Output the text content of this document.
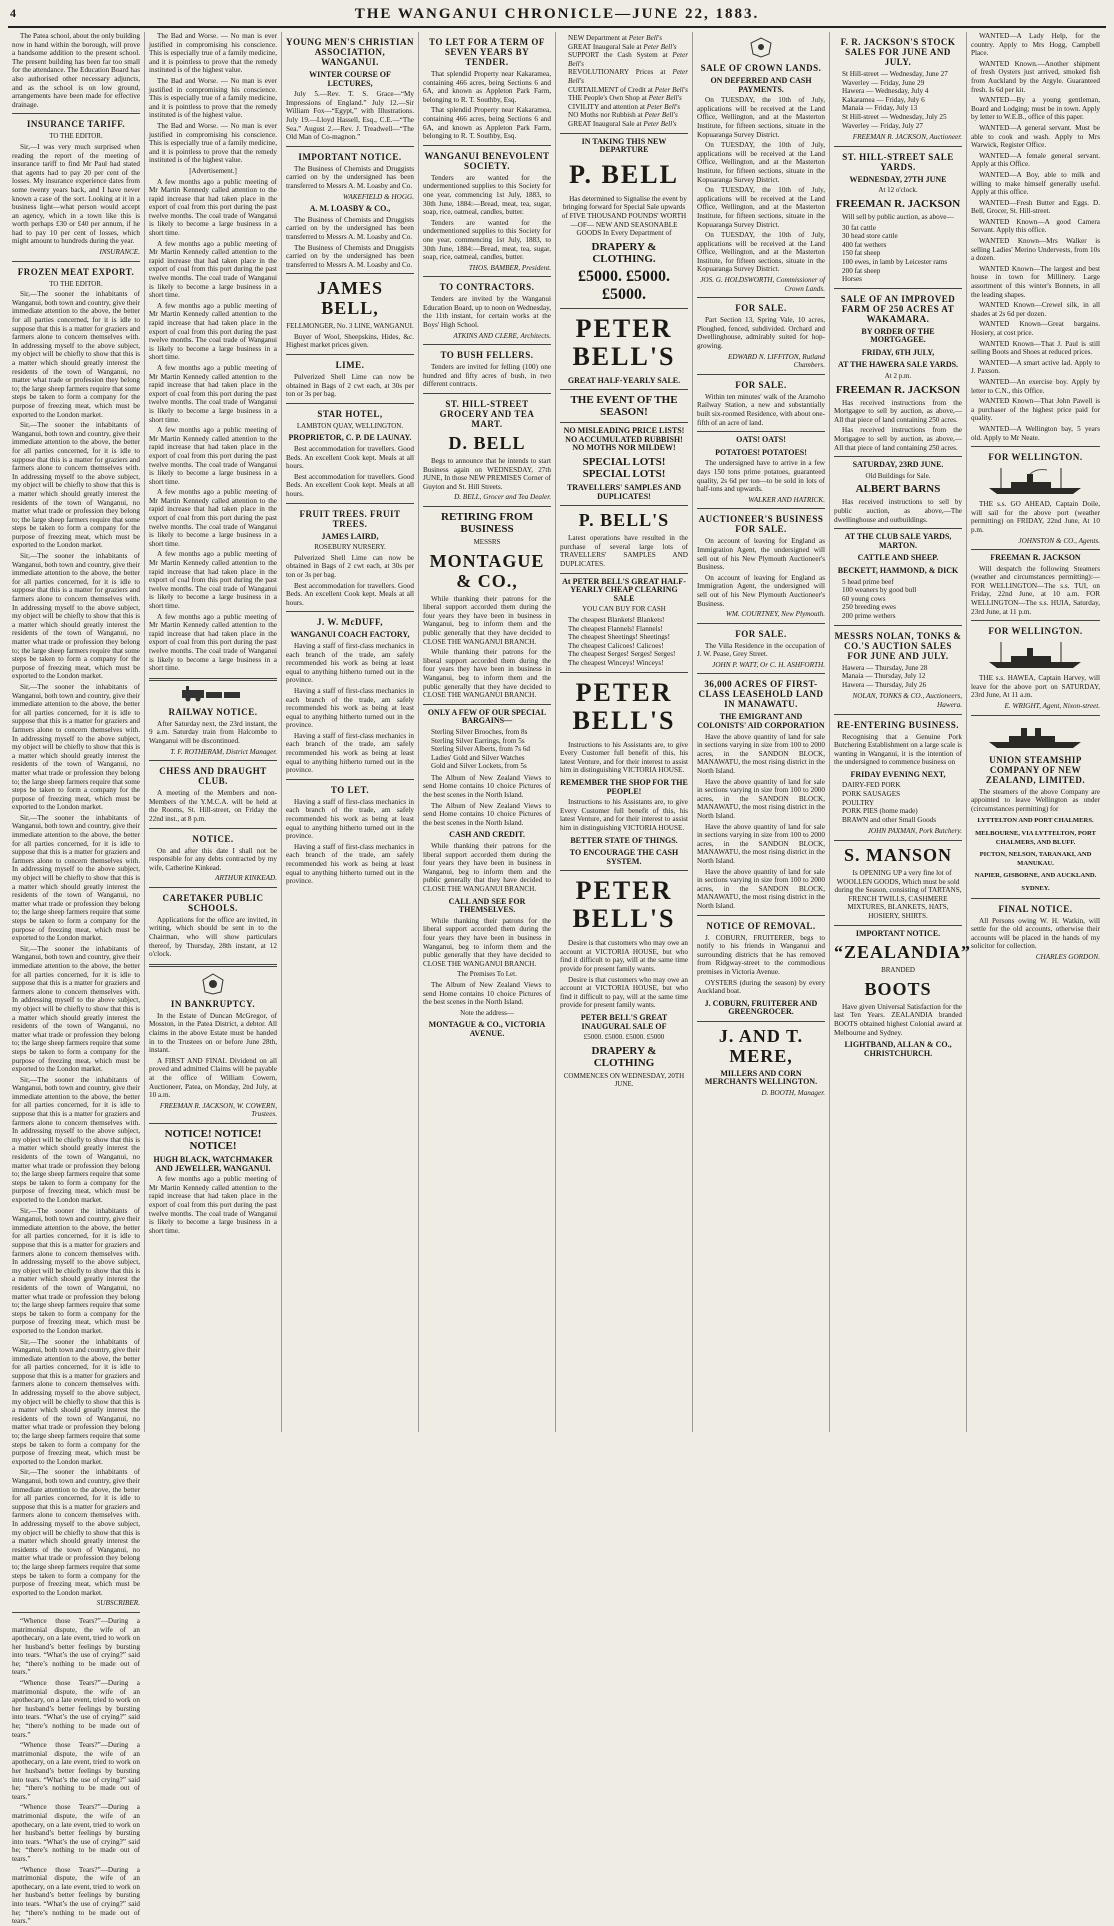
4	THE WANGANUI CHRONICLE—JUNE 22, 1883.
The Patea school, about the only building now in hand within the borough, will prove a handsome addition to the present school. The present building has been far too small for the attendance. The Education Board has also authorised other necessary adjuncts, and as the school is on low ground, arrangements have been made for effective drainage.
INSURANCE TARIFF.
TO THE EDITOR.
Sir,—I was very much surprised when reading the report of the meeting of insurance tariff to find Mr Paul had stated that agents had to pay 20 per cent of the losses. My insurance experience dates from some twenty years back, and I have never known a case of the sort. Looking at it in a business light—what person would accept an agency, which in a town like this is worth perhaps £30 or £40 per annum, if he had to pay 10 per cent of losses, which might amount to hundreds during the year.
INSURANCE.
FROZEN MEAT EXPORT.
TO THE EDITOR.
Sir,—The sooner the inhabitants of Wanganui, both town and country, give their immediate attention to the above, the better for all parties concerned, for it is idle to suppose that this is a matter for graziers and farmers alone to concern themselves with. In addressing myself to the above subject, my object will be chiefly to show that this is a matter which should greatly interest the residents of the town of Wanganui, no matter what trade or profession they belong to; the large sheep farmers require that some steps be taken to form a company for the purpose of freezing meat, which must be exported to the London market.
Sir,—The sooner the inhabitants of Wanganui, both town and country, give their immediate attention to the above, the better for all parties concerned, for it is idle to suppose that this is a matter for graziers and farmers alone to concern themselves with. In addressing myself to the above subject, my object will be chiefly to show that this is a matter which should greatly interest the residents of the town of Wanganui, no matter what trade or profession they belong to; the large sheep farmers require that some steps be taken to form a company for the purpose of freezing meat, which must be exported to the London market.
Sir,—The sooner the inhabitants of Wanganui, both town and country, give their immediate attention to the above, the better for all parties concerned, for it is idle to suppose that this is a matter for graziers and farmers alone to concern themselves with. In addressing myself to the above subject, my object will be chiefly to show that this is a matter which should greatly interest the residents of the town of Wanganui, no matter what trade or profession they belong to; the large sheep farmers require that some steps be taken to form a company for the purpose of freezing meat, which must be exported to the London market.
Sir,—The sooner the inhabitants of Wanganui, both town and country, give their immediate attention to the above, the better for all parties concerned, for it is idle to suppose that this is a matter for graziers and farmers alone to concern themselves with. In addressing myself to the above subject, my object will be chiefly to show that this is a matter which should greatly interest the residents of the town of Wanganui, no matter what trade or profession they belong to; the large sheep farmers require that some steps be taken to form a company for the purpose of freezing meat, which must be exported to the London market.
Sir,—The sooner the inhabitants of Wanganui, both town and country, give their immediate attention to the above, the better for all parties concerned, for it is idle to suppose that this is a matter for graziers and farmers alone to concern themselves with. In addressing myself to the above subject, my object will be chiefly to show that this is a matter which should greatly interest the residents of the town of Wanganui, no matter what trade or profession they belong to; the large sheep farmers require that some steps be taken to form a company for the purpose of freezing meat, which must be exported to the London market.
Sir,—The sooner the inhabitants of Wanganui, both town and country, give their immediate attention to the above, the better for all parties concerned, for it is idle to suppose that this is a matter for graziers and farmers alone to concern themselves with. In addressing myself to the above subject, my object will be chiefly to show that this is a matter which should greatly interest the residents of the town of Wanganui, no matter what trade or profession they belong to; the large sheep farmers require that some steps be taken to form a company for the purpose of freezing meat, which must be exported to the London market.
Sir,—The sooner the inhabitants of Wanganui, both town and country, give their immediate attention to the above, the better for all parties concerned, for it is idle to suppose that this is a matter for graziers and farmers alone to concern themselves with. In addressing myself to the above subject, my object will be chiefly to show that this is a matter which should greatly interest the residents of the town of Wanganui, no matter what trade or profession they belong to; the large sheep farmers require that some steps be taken to form a company for the purpose of freezing meat, which must be exported to the London market.
Sir,—The sooner the inhabitants of Wanganui, both town and country, give their immediate attention to the above, the better for all parties concerned, for it is idle to suppose that this is a matter for graziers and farmers alone to concern themselves with. In addressing myself to the above subject, my object will be chiefly to show that this is a matter which should greatly interest the residents of the town of Wanganui, no matter what trade or profession they belong to; the large sheep farmers require that some steps be taken to form a company for the purpose of freezing meat, which must be exported to the London market.
Sir,—The sooner the inhabitants of Wanganui, both town and country, give their immediate attention to the above, the better for all parties concerned, for it is idle to suppose that this is a matter for graziers and farmers alone to concern themselves with. In addressing myself to the above subject, my object will be chiefly to show that this is a matter which should greatly interest the residents of the town of Wanganui, no matter what trade or profession they belong to; the large sheep farmers require that some steps be taken to form a company for the purpose of freezing meat, which must be exported to the London market.
Sir,—The sooner the inhabitants of Wanganui, both town and country, give their immediate attention to the above, the better for all parties concerned, for it is idle to suppose that this is a matter for graziers and farmers alone to concern themselves with. In addressing myself to the above subject, my object will be chiefly to show that this is a matter which should greatly interest the residents of the town of Wanganui, no matter what trade or profession they belong to; the large sheep farmers require that some steps be taken to form a company for the purpose of freezing meat, which must be exported to the London market.
SUBSCRIBER.
“Whence those Tears?”—During a matrimonial dispute, the wife of an apothecary, on a late event, tried to work on her husband’s better feelings by bursting into tears. “What’s the use of crying?” said he; “there’s nothing to be made out of tears.”
“Whence those Tears?”—During a matrimonial dispute, the wife of an apothecary, on a late event, tried to work on her husband’s better feelings by bursting into tears. “What’s the use of crying?” said he; “there’s nothing to be made out of tears.”
“Whence those Tears?”—During a matrimonial dispute, the wife of an apothecary, on a late event, tried to work on her husband’s better feelings by bursting into tears. “What’s the use of crying?” said he; “there’s nothing to be made out of tears.”
“Whence those Tears?”—During a matrimonial dispute, the wife of an apothecary, on a late event, tried to work on her husband’s better feelings by bursting into tears. “What’s the use of crying?” said he; “there’s nothing to be made out of tears.”
“Whence those Tears?”—During a matrimonial dispute, the wife of an apothecary, on a late event, tried to work on her husband’s better feelings by bursting into tears. “What’s the use of crying?” said he; “there’s nothing to be made out of tears.”
The Bad and Worse. — No man is ever justified in compromising his conscience. This is especially true of a family medicine, and it is pointless to prove that the remedy instituted is of the highest value.
The Bad and Worse. — No man is ever justified in compromising his conscience. This is especially true of a family medicine, and it is pointless to prove that the remedy instituted is of the highest value.
The Bad and Worse. — No man is ever justified in compromising his conscience. This is especially true of a family medicine, and it is pointless to prove that the remedy instituted is of the highest value.
[Advertisement.]
A few months ago a public meeting of Mr Martin Kennedy called attention to the rapid increase that had taken place in the export of coal from this port during the past twelve months. The coal trade of Wanganui is likely to become a large business in a short time.
A few months ago a public meeting of Mr Martin Kennedy called attention to the rapid increase that had taken place in the export of coal from this port during the past twelve months. The coal trade of Wanganui is likely to become a large business in a short time.
A few months ago a public meeting of Mr Martin Kennedy called attention to the rapid increase that had taken place in the export of coal from this port during the past twelve months. The coal trade of Wanganui is likely to become a large business in a short time.
A few months ago a public meeting of Mr Martin Kennedy called attention to the rapid increase that had taken place in the export of coal from this port during the past twelve months. The coal trade of Wanganui is likely to become a large business in a short time.
A few months ago a public meeting of Mr Martin Kennedy called attention to the rapid increase that had taken place in the export of coal from this port during the past twelve months. The coal trade of Wanganui is likely to become a large business in a short time.
A few months ago a public meeting of Mr Martin Kennedy called attention to the rapid increase that had taken place in the export of coal from this port during the past twelve months. The coal trade of Wanganui is likely to become a large business in a short time.
A few months ago a public meeting of Mr Martin Kennedy called attention to the rapid increase that had taken place in the export of coal from this port during the past twelve months. The coal trade of Wanganui is likely to become a large business in a short time.
A few months ago a public meeting of Mr Martin Kennedy called attention to the rapid increase that had taken place in the export of coal from this port during the past twelve months. The coal trade of Wanganui is likely to become a large business in a short time.
RAILWAY NOTICE.
After Saturday next, the 23rd instant, the 9 a.m. Saturday train from Halcombe to Wanganui will be discontinued.
T. F. ROTHERAM, District Manager.
CHESS AND DRAUGHT CLUB.
A meeting of the Members and non-Members of the Y.M.C.A. will be held at the Rooms, St. Hill-street, on Friday the 22nd inst., at 8 p.m.
NOTICE.
On and after this date I shall not be responsible for any debts contracted by my wife, Catherine Kinkead.
ARTHUR KINKEAD.
CARETAKER PUBLIC SCHOOLS.
Applications for the office are invited, in writing, which should be sent in to the Chairman, who will show particulars thereof, by Thursday, 28th instant, at 12 o'clock.
IN BANKRUPTCY.
In the Estate of Duncan McGregor, of Mosston, in the Patea District, a debtor. All claims in the above Estate must be handed in to the Trustees on or before June 28th, instant.
A FIRST AND FINAL Dividend on all proved and admitted Claims will be payable at the office of William Cowern, Auctioneer, Patea, on Monday, 2nd July, at 10 a.m.
FREEMAN R. JACKSON, W. COWERN, Trustees.
NOTICE! NOTICE! NOTICE!
HUGH BLACK, WATCHMAKER AND JEWELLER, WANGANUI.
A few months ago a public meeting of Mr Martin Kennedy called attention to the rapid increase that had taken place in the export of coal from this port during the past twelve months. The coal trade of Wanganui is likely to become a large business in a short time.
YOUNG MEN'S CHRISTIAN ASSOCIATION, WANGANUI.
WINTER COURSE OF LECTURES,
July 5.—Rev. T. S. Grace—“My Impressions of England.” July 12.—Sir William Fox—“Egypt,” with Illustrations. July 19.—Lloyd Hassell, Esq., C.E.—“The Sea.” August 2.—Rev. J. Treadwell—“The Old Man of Co-magnon.”
IMPORTANT NOTICE.
The Business of Chemists and Druggists carried on by the undersigned has been transferred to Messrs A. M. Loasby and Co.
WAKEFIELD & HOGG.
A. M. LOASBY & CO.,
The Business of Chemists and Druggists carried on by the undersigned has been transferred to Messrs A. M. Loasby and Co.
The Business of Chemists and Druggists carried on by the undersigned has been transferred to Messrs A. M. Loasby and Co.
JAMES BELL,
FELLMONGER, No. 3 LINE, WANGANUI.
Buyer of Wool, Sheepskins, Hides, &c. Highest market prices given.
LIME.
Pulverized Shell Lime can now be obtained in Bags of 2 cwt each, at 30s per ton or 3s per bag.
STAR HOTEL,
LAMBTON QUAY, WELLINGTON.
PROPRIETOR, C. P. DE LAUNAY.
Best accommodation for travellers. Good Beds. An excellent Cook kept. Meals at all hours.
Best accommodation for travellers. Good Beds. An excellent Cook kept. Meals at all hours.
FRUIT TREES. FRUIT TREES.
JAMES LAIRD,
ROSEBURY NURSERY.
Pulverized Shell Lime can now be obtained in Bags of 2 cwt each, at 30s per ton or 3s per bag.
Best accommodation for travellers. Good Beds. An excellent Cook kept. Meals at all hours.
J. W. McDUFF,
WANGANUI COACH FACTORY,
Having a staff of first-class mechanics in each branch of the trade, am safely recommended his work as being at least equal to anything hitherto turned out in the province.
Having a staff of first-class mechanics in each branch of the trade, am safely recommended his work as being at least equal to anything hitherto turned out in the province.
Having a staff of first-class mechanics in each branch of the trade, am safely recommended his work as being at least equal to anything hitherto turned out in the province.
TO LET.
Having a staff of first-class mechanics in each branch of the trade, am safely recommended his work as being at least equal to anything hitherto turned out in the province.
Having a staff of first-class mechanics in each branch of the trade, am safely recommended his work as being at least equal to anything hitherto turned out in the province.
TO LET FOR A TERM OF SEVEN YEARS BY TENDER.
That splendid Property near Kakaramea, containing 466 acres, being Sections 6 and 6A, and known as Appleton Park Farm, belonging to R. T. Southby, Esq.
That splendid Property near Kakaramea, containing 466 acres, being Sections 6 and 6A, and known as Appleton Park Farm, belonging to R. T. Southby, Esq.
WANGANUI BENEVOLENT SOCIETY.
Tenders are wanted for the undermentioned supplies to this Society for one year, commencing 1st July, 1883, to 30th June, 1884:—Bread, meat, tea, sugar, soap, rice, oatmeal, candles, butter.
Tenders are wanted for the undermentioned supplies to this Society for one year, commencing 1st July, 1883, to 30th June, 1884:—Bread, meat, tea, sugar, soap, rice, oatmeal, candles, butter.
THOS. BAMBER, President.
TO CONTRACTORS.
Tenders are invited by the Wanganui Education Board, up to noon on Wednesday, the 11th instant, for certain works at the Boys' High School.
ATKINS AND CLERE, Architects.
TO BUSH FELLERS.
Tenders are invited for felling (100) one hundred and fifty acres of bush, in two different contracts.
ST. HILL-STREET GROCERY AND TEA MART.
D. BELL
Begs to announce that he intends to start Business again on WEDNESDAY, 27th JUNE, In those NEW PREMISES Corner of Guyton and St. Hill Streets.
D. BELL, Grocer and Tea Dealer.
RETIRING FROM BUSINESS
MESSRS
MONTAGUE & CO.,
While thanking their patrons for the liberal support accorded them during the four years they have been in business in Wanganui, beg to inform them and the public generally that they have decided to CLOSE THE WANGANUI BRANCH.
While thanking their patrons for the liberal support accorded them during the four years they have been in business in Wanganui, beg to inform them and the public generally that they have decided to CLOSE THE WANGANUI BRANCH.
ONLY A FEW OF OUR SPECIAL BARGAINS—
Sterling Silver Brooches, from 8s
Sterling Silver Earrings, from 5s
Sterling Silver Alberts, from 7s 6d
Ladies' Gold and Silver Watches
Gold and Silver Lockets, from 5s
The Album of New Zealand Views to send Home contains 10 choice Pictures of the best scenes in the North Island.
The Album of New Zealand Views to send Home contains 10 choice Pictures of the best scenes in the North Island.
CASH AND CREDIT.
While thanking their patrons for the liberal support accorded them during the four years they have been in business in Wanganui, beg to inform them and the public generally that they have decided to CLOSE THE WANGANUI BRANCH.
CALL AND SEE FOR THEMSELVES.
While thanking their patrons for the liberal support accorded them during the four years they have been in business in Wanganui, beg to inform them and the public generally that they have decided to CLOSE THE WANGANUI BRANCH.
The Premises To Let.
The Album of New Zealand Views to send Home contains 10 choice Pictures of the best scenes in the North Island.
Note the address—
MONTAGUE & CO., VICTORIA AVENUE.
NEW Department at Peter Bell's
GREAT Inaugural Sale at Peter Bell's
SUPPORT the Cash System at Peter Bell's
REVOLUTIONARY Prices at Peter Bell's
CURTAILMENT of Credit at Peter Bell's
THE People's Own Shop at Peter Bell's
CIVILITY and attention at Peter Bell's
NO Moths nor Rubbish at Peter Bell's
GREAT Inaugural Sale at Peter Bell's
IN TAKING THIS NEW DEPARTURE
P. BELL
Has determined to Signalise the event by bringing forward for Special Sale upwards of FIVE THOUSAND POUNDS' WORTH —OF— NEW AND SEASONABLE GOODS In Every Department of
DRAPERY & CLOTHING.
£5000. £5000. £5000.
PETER BELL'S
GREAT HALF-YEARLY SALE.
THE EVENT OF THE SEASON!
NO MISLEADING PRICE LISTS! NO ACCUMULATED RUBBISH! NO MOTHS NOR MILDEW!
SPECIAL LOTS! SPECIAL LOTS!
TRAVELLERS' SAMPLES AND DUPLICATES!
P. BELL'S
Latest operations have resulted in the purchase of several large lots of TRAVELLERS' SAMPLES AND DUPLICATES.
At PETER BELL'S GREAT HALF-YEARLY CHEAP CLEARING SALE
YOU CAN BUY FOR CASH
The cheapest Blankets! Blankets!
The cheapest Flannels! Flannels!
The cheapest Sheetings! Sheetings!
The cheapest Calicoes! Calicoes!
The cheapest Serges! Serges! Serges!
The cheapest Winceys! Winceys!
PETER BELL'S
Instructions to his Assistants are, to give Every Customer full benefit of this, his latest Venture, and for their interest to assist him in distinguishing VICTORIA HOUSE.
REMEMBER THE SHOP FOR THE PEOPLE!
Instructions to his Assistants are, to give Every Customer full benefit of this, his latest Venture, and for their interest to assist him in distinguishing VICTORIA HOUSE.
BETTER STATE OF THINGS.
TO ENCOURAGE THE CASH SYSTEM.
PETER BELL'S
Desire is that customers who may owe an account at VICTORIA HOUSE, but who find it difficult to pay, will at the same time provide for present family wants.
Desire is that customers who may owe an account at VICTORIA HOUSE, but who find it difficult to pay, will at the same time provide for present family wants.
PETER BELL'S GREAT INAUGURAL SALE OF
£5000. £5000. £5000. £5000
DRAPERY & CLOTHING
COMMENCES ON WEDNESDAY, 20TH JUNE.
SALE OF CROWN LANDS.
ON DEFERRED AND CASH PAYMENTS.
On TUESDAY, the 10th of July, applications will be received at the Land Office, Wellington, and at the Masterton Institute, for fifteen sections, situate in the Kopuaranga Survey District.
On TUESDAY, the 10th of July, applications will be received at the Land Office, Wellington, and at the Masterton Institute, for fifteen sections, situate in the Kopuaranga Survey District.
On TUESDAY, the 10th of July, applications will be received at the Land Office, Wellington, and at the Masterton Institute, for fifteen sections, situate in the Kopuaranga Survey District.
On TUESDAY, the 10th of July, applications will be received at the Land Office, Wellington, and at the Masterton Institute, for fifteen sections, situate in the Kopuaranga Survey District.
JOS. G. HOLDSWORTH, Commissioner of Crown Lands.
FOR SALE.
Part Section 13, Spring Vale, 10 acres, Ploughed, fenced, subdivided. Orchard and Dwellinghouse, admirably suited for hop-growing.
EDWARD N. LIFFITON, Rutland Chambers.
FOR SALE.
Within ten minutes' walk of the Aramoho Railway Station, a new and substantially built six-roomed Residence, with about one-fifth of an acre of land.
OATS! OATS!
POTATOES! POTATOES!
The undersigned have to arrive in a few days 150 tons prime potatoes, guaranteed quality, 2s 6d per ton—to be sold in lots of half-tons and upwards.
WALKER AND HATRICK.
AUCTIONEER'S BUSINESS FOR SALE.
On account of leaving for England as Immigration Agent, the undersigned will sell out of his New Plymouth Auctioneer's Business.
On account of leaving for England as Immigration Agent, the undersigned will sell out of his New Plymouth Auctioneer's Business.
WM. COURTNEY, New Plymouth.
FOR SALE.
The Villa Residence in the occupation of J. W. Pease, Grey Street.
JOHN P. WATT, Or C. H. ASHFORTH.
36,000 ACRES OF FIRST-CLASS LEASEHOLD LAND IN MANAWATU.
THE EMIGRANT AND COLONISTS' AID CORPORATION
Have the above quantity of land for sale in sections varying in size from 100 to 2000 acres, in the SANDON BLOCK, MANAWATU, the most rising district in the North Island.
Have the above quantity of land for sale in sections varying in size from 100 to 2000 acres, in the SANDON BLOCK, MANAWATU, the most rising district in the North Island.
Have the above quantity of land for sale in sections varying in size from 100 to 2000 acres, in the SANDON BLOCK, MANAWATU, the most rising district in the North Island.
Have the above quantity of land for sale in sections varying in size from 100 to 2000 acres, in the SANDON BLOCK, MANAWATU, the most rising district in the North Island.
NOTICE OF REMOVAL.
J. COBURN, FRUITERER, begs to notify to his friends in Wanganui and surrounding districts that he has removed from Ridgway-street to the commodious premises in Victoria Avenue.
OYSTERS (during the season) by every Auckland boat.
J. COBURN, FRUITERER AND GREENGROCER.
J. AND T. MERE,
MILLERS AND CORN MERCHANTS WELLINGTON.
D. BOOTH, Manager.
F. R. JACKSON'S STOCK SALES FOR JUNE AND JULY.
St Hill-street — Wednesday, June 27
Waverley — Friday, June 29
Hawera — Wednesday, July 4
Kakaramea — Friday, July 6
Manaia — Friday, July 13
St Hill-street — Wednesday, July 25
Waverley — Friday, July 27
FREEMAN R. JACKSON, Auctioneer.
ST. HILL-STREET SALE YARDS.
WEDNESDAY, 27TH JUNE
At 12 o'clock.
FREEMAN R. JACKSON
Will sell by public auction, as above—
30 fat cattle
30 head store cattle
400 fat wethers
150 fat sheep
100 ewes, in lamb by Leicester rams
200 fat sheep
Horses
SALE OF AN IMPROVED FARM OF 250 ACRES AT WAKAMARA.
BY ORDER OF THE MORTGAGEE.
FRIDAY, 6TH JULY,
AT THE HAWERA SALE YARDS.
At 2 p.m.
FREEMAN R. JACKSON
Has received instructions from the Mortgagee to sell by auction, as above,—All that piece of land containing 250 acres.
Has received instructions from the Mortgagee to sell by auction, as above,—All that piece of land containing 250 acres.
SATURDAY, 23RD JUNE.
Old Buildings for Sale.
ALBERT BARNS
Has received instructions to sell by public auction, as above,—The dwellinghouse and outbuildings.
AT THE CLUB SALE YARDS, MARTON.
CATTLE AND SHEEP.
BECKETT, HAMMOND, & DICK
5 head prime beef
100 weaners by good bull
60 young cows
250 breeding ewes
200 prime wethers
MESSRS NOLAN, TONKS & CO.'S AUCTION SALES FOR JUNE AND JULY.
Hawera — Thursday, June 28
Manaia — Thursday, July 12
Hawera — Thursday, July 26
NOLAN, TONKS & CO., Auctioneers, Hawera.
RE-ENTERING BUSINESS.
Recognising that a Genuine Pork Butchering Establishment on a large scale is wanting in Wanganui, it is the intention of the undersigned to commence business on
FRIDAY EVENING NEXT,
DAIRY-FED PORK
PORK SAUSAGES
POULTRY
PORK PIES (home made)
BRAWN and other Small Goods
JOHN PAXMAN, Pork Butchery.
S. MANSON
Is OPENING UP a very fine lot of WOOLLEN GOODS, Which must be sold during the Season, consisting of TARTANS, FRENCH TWILLS, CASHMERE MIXTURES, BLANKETS, HATS, HOSIERY, SHIRTS.
IMPORTANT NOTICE.
“ZEALANDIA”
BRANDED
BOOTS
Have given Universal Satisfaction for the last Ten Years. ZEALANDIA branded BOOTS obtained highest Colonial award at Melbourne and Sydney.
LIGHTBAND, ALLAN & CO., CHRISTCHURCH.
WANTED—A Lady Help, for the country. Apply to Mrs Hogg, Campbell Place.
WANTED Known.—Another shipment of fresh Oysters just arrived, smoked fish from Auckland by the Argyle. Guaranteed fresh. Is 6d per kit.
WANTED—By a young gentleman, Board and Lodging; must be in town. Apply by letter to W.E.B., office of this paper.
WANTED—A general servant. Must be able to cook and wash. Apply to Mrs Warwick, Register Office.
WANTED—A female general servant. Apply at this Office.
WANTED—A Boy, able to milk and willing to make himself generally useful. Apply at this office.
WANTED—Fresh Butter and Eggs. D. Bell, Grocer, St. Hill-street.
WANTED Known—A good Camera Servant. Apply this office.
WANTED Known—Mrs Walker is selling Ladies' Merino Undervests, from 10s a dozen.
WANTED Known—The largest and best house in town for Millinery. Large assortment of this winter's Bonnets, in all the leading shapes.
WANTED Known—Crewel silk, in all shades at 2s 6d per dozen.
WANTED Known—Great bargains. Hosiery, at cost price.
WANTED Known—That J. Paul is still selling Boots and Shoes at reduced prices.
WANTED—A smart active lad. Apply to J. Paxson.
WANTED—An exercise boy. Apply by letter to C.N., this Office.
WANTED Known—That John Pawell is a purchaser of the highest price paid for quality.
WANTED—A Wellington bay, 5 years old. Apply to Mr Neate.
FOR WELLINGTON.
THE s.s. GO AHEAD, Captain Doile, will sail for the above port (weather permitting) on FRIDAY, 22nd June, At 10 p.m.
JOHNSTON & CO., Agents.
FREEMAN R. JACKSON
Will despatch the following Steamers (weather and circumstances permitting):— FOR WELLINGTON—The s.s. TUI, on Friday, 22nd June, at 10 a.m. FOR WELLINGTON—The s.s. HUIA, Saturday, 23rd June, at 11 p.m.
FOR WELLINGTON.
THE s.s. HAWEA, Captain Harvey, will leave for the above port on SATURDAY, 23rd June, At 11 a.m.
E. WRIGHT, Agent, Nixon-street.
UNION STEAMSHIP COMPANY OF NEW ZEALAND, LIMITED.
The steamers of the above Company are appointed to leave Wellington as under (circumstances permitting) for
LYTTELTON AND PORT CHALMERS.
MELBOURNE, VIA LYTTELTON, PORT CHALMERS, AND BLUFF.
PICTON, NELSON, TARANAKI, AND MANUKAU.
NAPIER, GISBORNE, AND AUCKLAND.
SYDNEY.
FINAL NOTICE.
All Persons owing W. H. Watkin, will settle for the old accounts, otherwise their accounts will be placed in the hands of my solicitor for collection.
CHARLES GORDON.
